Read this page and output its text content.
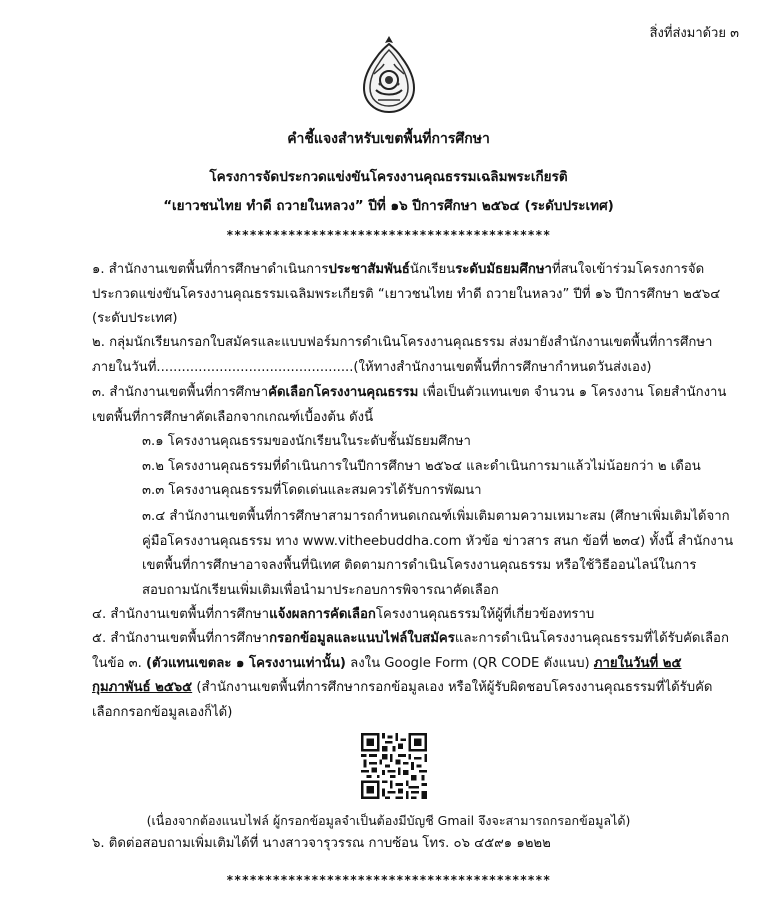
สิ่งที่ส่งมาด้วย ๓
คำชี้แจงสำหรับเขตพื้นที่การศึกษา
โครงการจัดประกวดแข่งขันโครงงานคุณธรรมเฉลิมพระเกียรติ
“เยาวชนไทย ทำดี ถวายในหลวง” ปีที่ ๑๖ ปีการศึกษา ๒๕๖๔ (ระดับประเทศ)
******************************************
๑. สำนักงานเขตพื้นที่การศึกษาดำเนินการประชาสัมพันธ์นักเรียนระดับมัธยมศึกษาที่สนใจเข้าร่วมโครงการจัดประกวดแข่งขันโครงงานคุณธรรมเฉลิมพระเกียรติ “เยาวชนไทย ทำดี ถวายในหลวง” ปีที่ ๑๖ ปีการศึกษา ๒๕๖๔ (ระดับประเทศ)
๒. กลุ่มนักเรียนกรอกใบสมัครและแบบฟอร์มการดำเนินโครงงานคุณธรรม ส่งมายังสำนักงานเขตพื้นที่การศึกษา ภายในวันที่...............................................(ให้ทางสำนักงานเขตพื้นที่การศึกษากำหนดวันส่งเอง)
๓. สำนักงานเขตพื้นที่การศึกษาคัดเลือกโครงงานคุณธรรม เพื่อเป็นตัวแทนเขต จำนวน ๑ โครงงาน โดยสำนักงานเขตพื้นที่การศึกษาคัดเลือกจากเกณฑ์เบื้องต้น ดังนี้
๓.๑ โครงงานคุณธรรมของนักเรียนในระดับชั้นมัธยมศึกษา
๓.๒ โครงงานคุณธรรมที่ดำเนินการในปีการศึกษา ๒๕๖๔ และดำเนินการมาแล้วไม่น้อยกว่า ๒ เดือน
๓.๓ โครงงานคุณธรรมที่โดดเด่นและสมควรได้รับการพัฒนา
๓.๔ สำนักงานเขตพื้นที่การศึกษาสามารถกำหนดเกณฑ์เพิ่มเติมตามความเหมาะสม (ศึกษาเพิ่มเติมได้จากคู่มือโครงงานคุณธรรม ทาง www.vitheebuddha.com หัวข้อ ข่าวสาร สนก ข้อที่ ๒๓๔) ทั้งนี้ สำนักงานเขตพื้นที่การศึกษาอาจลงพื้นที่นิเทศ ติดตามการดำเนินโครงงานคุณธรรม หรือใช้วิธีออนไลน์ในการสอบถามนักเรียนเพิ่มเติมเพื่อนำมาประกอบการพิจารณาคัดเลือก
๔. สำนักงานเขตพื้นที่การศึกษาแจ้งผลการคัดเลือกโครงงานคุณธรรมให้ผู้ที่เกี่ยวข้องทราบ
๕. สำนักงานเขตพื้นที่การศึกษากรอกข้อมูลและแนบไฟล์ใบสมัครและการดำเนินโครงงานคุณธรรมที่ได้รับคัดเลือกในข้อ ๓. (ตัวแทนเขตละ ๑ โครงงานเท่านั้น) ลงใน Google Form (QR CODE ดังแนบ) ภายในวันที่ ๒๕ กุมภาพันธ์ ๒๕๖๕ (สำนักงานเขตพื้นที่การศึกษากรอกข้อมูลเอง หรือให้ผู้รับผิดชอบโครงงานคุณธรรมที่ได้รับคัดเลือกกรอกข้อมูลเองก็ได้)
(เนื่องจากต้องแนบไฟล์ ผู้กรอกข้อมูลจำเป็นต้องมีบัญชี Gmail จึงจะสามารถกรอกข้อมูลได้)
๖. ติดต่อสอบถามเพิ่มเติมได้ที่ นางสาวจารุวรรณ กาบซ้อน โทร. ๐๖ ๔๕๙๑ ๑๒๒๒
******************************************
